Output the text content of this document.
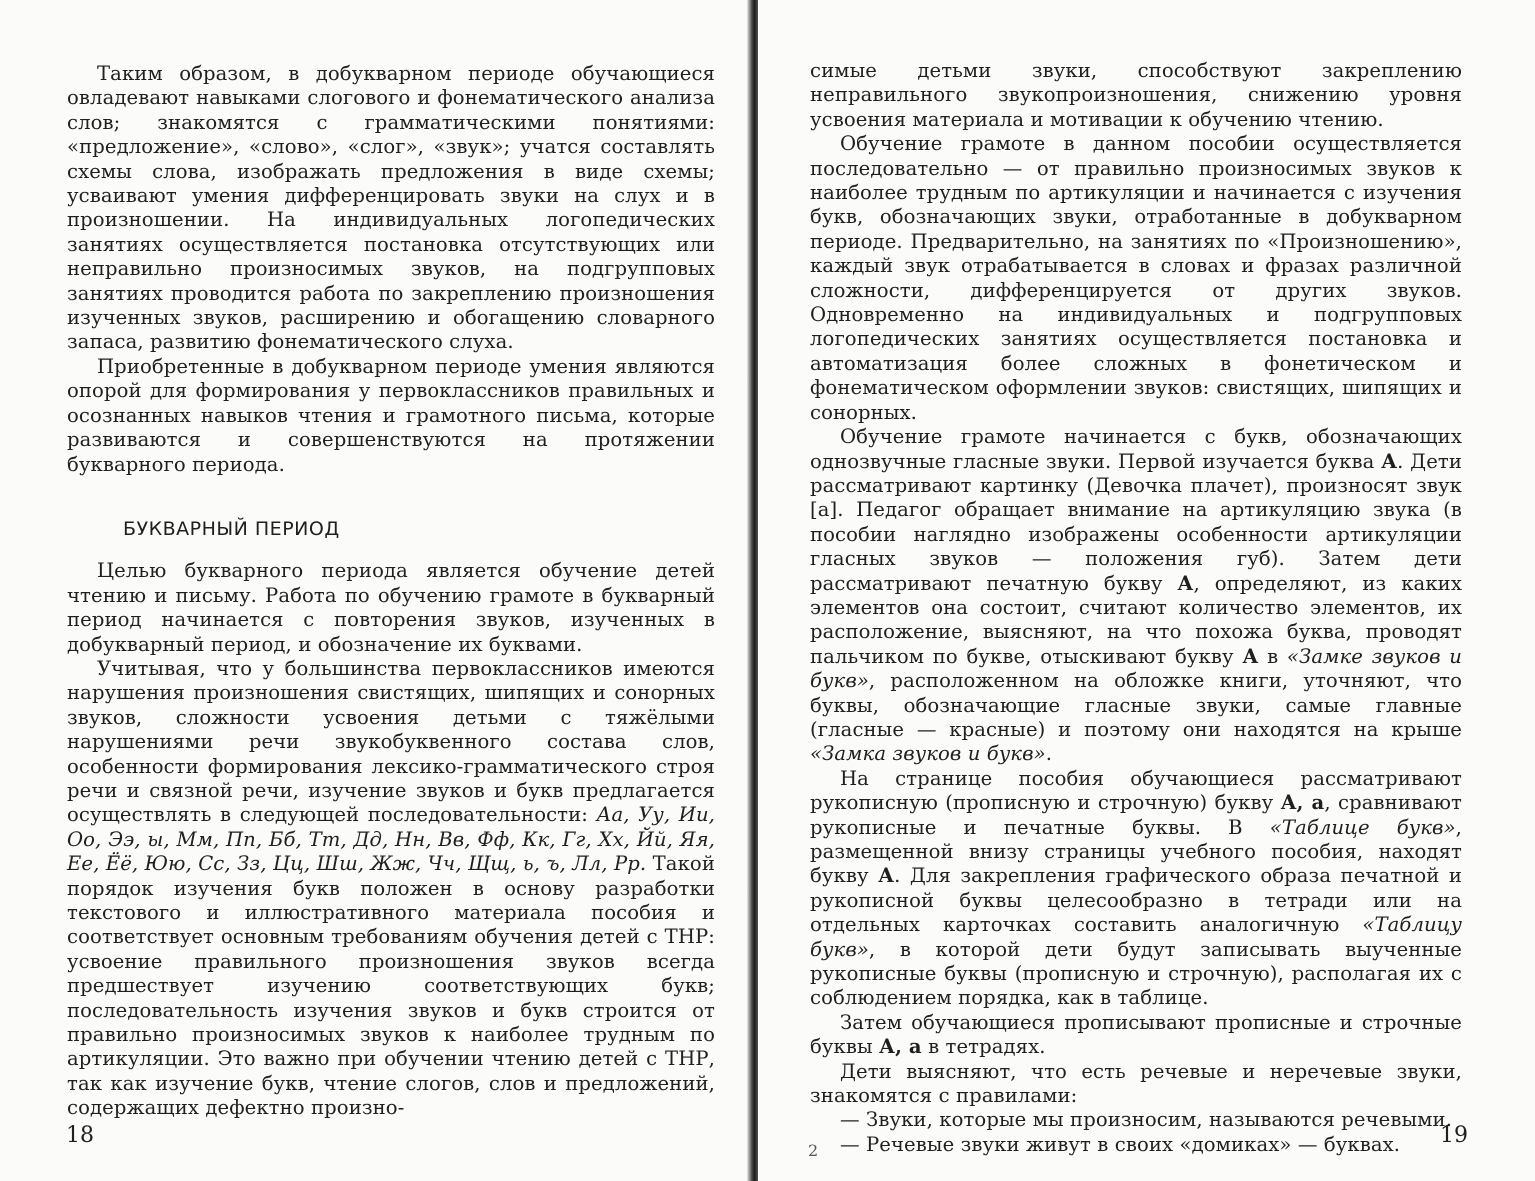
Таким образом, в добукварном периоде обучающиеся овладевают навыками слогового и фонематического анализа слов; знакомятся с грамматическими понятиями: «предложение», «слово», «слог», «звук»; учатся составлять схемы слова, изображать предложения в виде схемы; усваивают умения дифференцировать звуки на слух и в произношении. На индивидуальных логопедических занятиях осуществляется постановка отсутствующих или неправильно произносимых звуков, на подгрупповых занятиях проводится работа по закреплению произношения изученных звуков, расширению и обогащению словарного запаса, развитию фонематического слуха.

Приобретенные в добукварном периоде умения являются опорой для формирования у первоклассников правильных и осознанных навыков чтения и грамотного письма, которые развиваются и совершенствуются на протяжении букварного периода.

БУКВАРНЫЙ ПЕРИОД

Целью букварного периода является обучение детей чтению и письму. Работа по обучению грамоте в букварный период начинается с повторения звуков, изученных в добукварный период, и обозначение их буквами.

Учитывая, что у большинства первоклассников имеются нарушения произношения свистящих, шипящих и сонорных звуков, сложности усвоения детьми с тяжёлыми нарушениями речи звукобуквенного состава слов, особенности формирования лексико-грамматического строя речи и связной речи, изучение звуков и букв предлагается осуществлять в следующей последовательности: Аа, Уу, Ии, Оо, Ээ, ы, Мм, Пп, Бб, Тт, Дд, Нн, Вв, Фф, Кк, Гг, Хх, Йй, Яя, Ее, Ёё, Юю, Сс, Зз, Цц, Шш, Жж, Чч, Щщ, ь, ъ, Лл, Рр. Такой порядок изучения букв положен в основу разработки текстового и иллюстративного материала пособия и соответствует основным требованиям обучения детей с ТНР: усвоение правильного произношения звуков всегда предшествует изучению соответствующих букв; последовательность изучения звуков и букв строится от правильно произносимых звуков к наиболее трудным по артикуляции. Это важно при обучении чтению детей с ТНР, так как изучение букв, чтение слогов, слов и предложений, содержащих дефектно произно-

18

симые детьми звуки, способствуют закреплению неправильного звукопроизношения, снижению уровня усвоения материала и мотивации к обучению чтению.

Обучение грамоте в данном пособии осуществляется последовательно — от правильно произносимых звуков к наиболее трудным по артикуляции и начинается с изучения букв, обозначающих звуки, отработанные в добукварном периоде. Предварительно, на занятиях по «Произношению», каждый звук отрабатывается в словах и фразах различной сложности, дифференцируется от других звуков. Одновременно на индивидуальных и подгрупповых логопедических занятиях осуществляется постановка и автоматизация более сложных в фонетическом и фонематическом оформлении звуков: свистящих, шипящих и сонорных.

Обучение грамоте начинается с букв, обозначающих однозвучные гласные звуки. Первой изучается буква А. Дети рассматривают картинку (Девочка плачет), произносят звук [а]. Педагог обращает внимание на артикуляцию звука (в пособии наглядно изображены особенности артикуляции гласных звуков — положения губ). Затем дети рассматривают печатную букву А, определяют, из каких элементов она состоит, считают количество элементов, их расположение, выясняют, на что похожа буква, проводят пальчиком по букве, отыскивают букву А в «Замке звуков и букв», расположенном на обложке книги, уточняют, что буквы, обозначающие гласные звуки, самые главные (гласные — красные) и поэтому они находятся на крыше «Замка звуков и букв».

На странице пособия обучающиеся рассматривают рукописную (прописную и строчную) букву А, а, сравнивают рукописные и печатные буквы. В «Таблице букв», размещенной внизу страницы учебного пособия, находят букву А. Для закрепления графического образа печатной и рукописной буквы целесообразно в тетради или на отдельных карточках составить аналогичную «Таблицу букв», в которой дети будут записывать выученные рукописные буквы (прописную и строчную), располагая их с соблюдением порядка, как в таблице.

Затем обучающиеся прописывают прописные и строчные буквы А, а в тетрадях.

Дети выясняют, что есть речевые и неречевые звуки, знакомятся с правилами:

— Звуки, которые мы произносим, называются речевыми.

— Речевые звуки живут в своих «домиках» — буквах.

2
19
